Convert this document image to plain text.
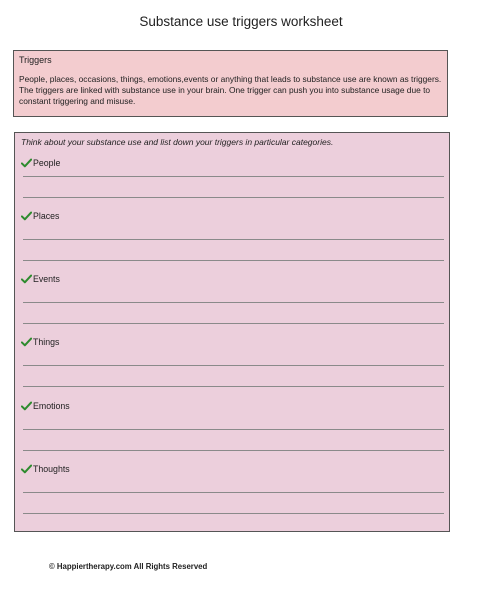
Substance use triggers worksheet
Triggers
People, places, occasions, things, emotions,events or anything that leads to substance use are known as triggers. The triggers are linked with substance use in your brain. One trigger can push you into substance usage due to constant triggering and misuse.
Think about your substance use and list down your triggers in particular categories.
People
Places
Events
Things
Emotions
Thoughts
© Happiertherapy.com All Rights Reserved
